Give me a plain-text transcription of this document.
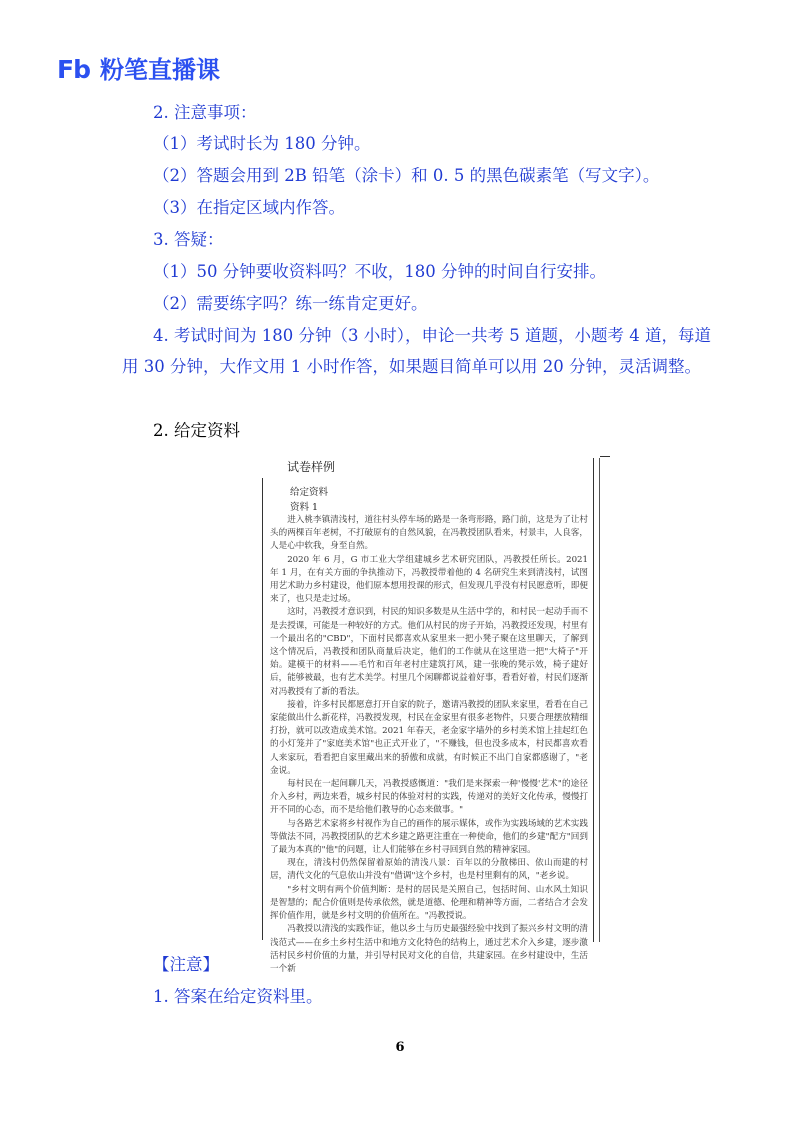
Fb 粉笔直播课
2. 注意事项：
（1）考试时长为 180 分钟。
（2）答题会用到 2B 铅笔（涂卡）和 0. 5 的黑色碳素笔（写文字）。
（3）在指定区域内作答。
3. 答疑：
（1）50 分钟要收资料吗？不收，180 分钟的时间自行安排。
（2）需要练字吗？练一练肯定更好。
4. 考试时间为 180 分钟（3 小时），申论一共考 5 道题，小题考 4 道，每道
用 30 分钟，大作文用 1 小时作答，如果题目简单可以用 20 分钟，灵活调整。
2. 给定资料
试卷样例
给定资料
资料 1

进入桃李镇清浅村，道往村头停车场的路是一条弯形路，路门前，这是为了让村头的两棵百年老树，不打破原有的自然风貌，在冯教授团队看来，村景丰，人良客，人是心中软我，身至自然。

2020 年 6 月，G 市工业大学组建城乡艺术研究团队，冯教授任所长。2021 年 1 月，在有关方面的争执推动下，冯教授带着他的 4 名研究生来到清浅村，试图用艺术助力乡村建设，他们原本想用投课的形式，但发现几乎没有村民愿意听，即便来了，也只是走过场。

这时，冯教授才意识到，村民的知识多数是从生活中学的，和村民一起动手而不是去授课，可能是一种较好的方式。他们从村民的房子开始，冯教授还发现，村里有一个最出名的"CBD"，下面村民都喜欢从家里来一把小凳子聚在这里聊天，了解到这个情况后，冯教授和团队商量后决定，他们的工作就从在这里造一把"大椅子"开始。建模干的材料——毛竹和百年老村庄建筑打风，建一张晚的凳示效，椅子建好后，能够被最，也有艺术美学。村里几个闲聊都说益着好事，看看好着，村民们逐渐对冯教授有了新的看法。

接着，许多村民都愿意打开自家的院子，邀请冯教授的团队来家里，看看在自己家能做出什么新花样，冯教授发现，村民在金家里有很多老物件，只要合理摆放精细打扮，就可以改造成美术馆。2021 年春天，老金家字墙外的乡村美术馆上挂起红色的小灯笼并了"家庭美术馆"也正式开业了，"不赚钱，但也没多成本，村民都喜欢看人来家玩，看看把自家里藏出来的骄傲和成就，有时候正不出门自家都感谢了，"老金说。

每村民在一起间聊几天，冯教授感慨道："我们是来探索一种'慢慢'艺术"的途径介入乡村，两边来看，城乡村民的体验对村的实践，传递对的美好文化传承，慢慢打开不同的心态，而不是给他们教导的心态来做事。"

与各路艺术家将乡村视作为自己的画作的展示媒体，或作为实践场域的艺术实践等做法不同，冯教授团队的艺术乡建之路更注重在一种使命，他们的乡建"配方"回到了最为本真的"他"的问题，让人们能够在乡村寻回到自然的精神家园。

现在，清浅村仍然保留着原始的清浅八景：百年以的分散梯田、依山而建的村居，清代文化的气息依山并没有"借调"这个乡村，也是村里剩有的风，"老乡说。

"乡村文明有两个价值判断：是村的居民是关照自己，包括时间、山水风土知识是智慧的；配合价值则是传承依然，就是道德、伦理和精神等方面，二者结合才会发挥价值作用，就是乡村文明的价值所在。"冯教授说。

冯教授以清浅的实践作证，他以乡土与历史最强经验中找到了振兴乡村文明的清浅范式——在乡土乡村生活中和地方文化特色的结构上，通过艺术介入乡建，逐步激活村民乡村价值的力量，并引导村民对文化的自信，共建家园。在乡村建设中，生活一个新

【注意】
1. 答案在给定资料里。
6
